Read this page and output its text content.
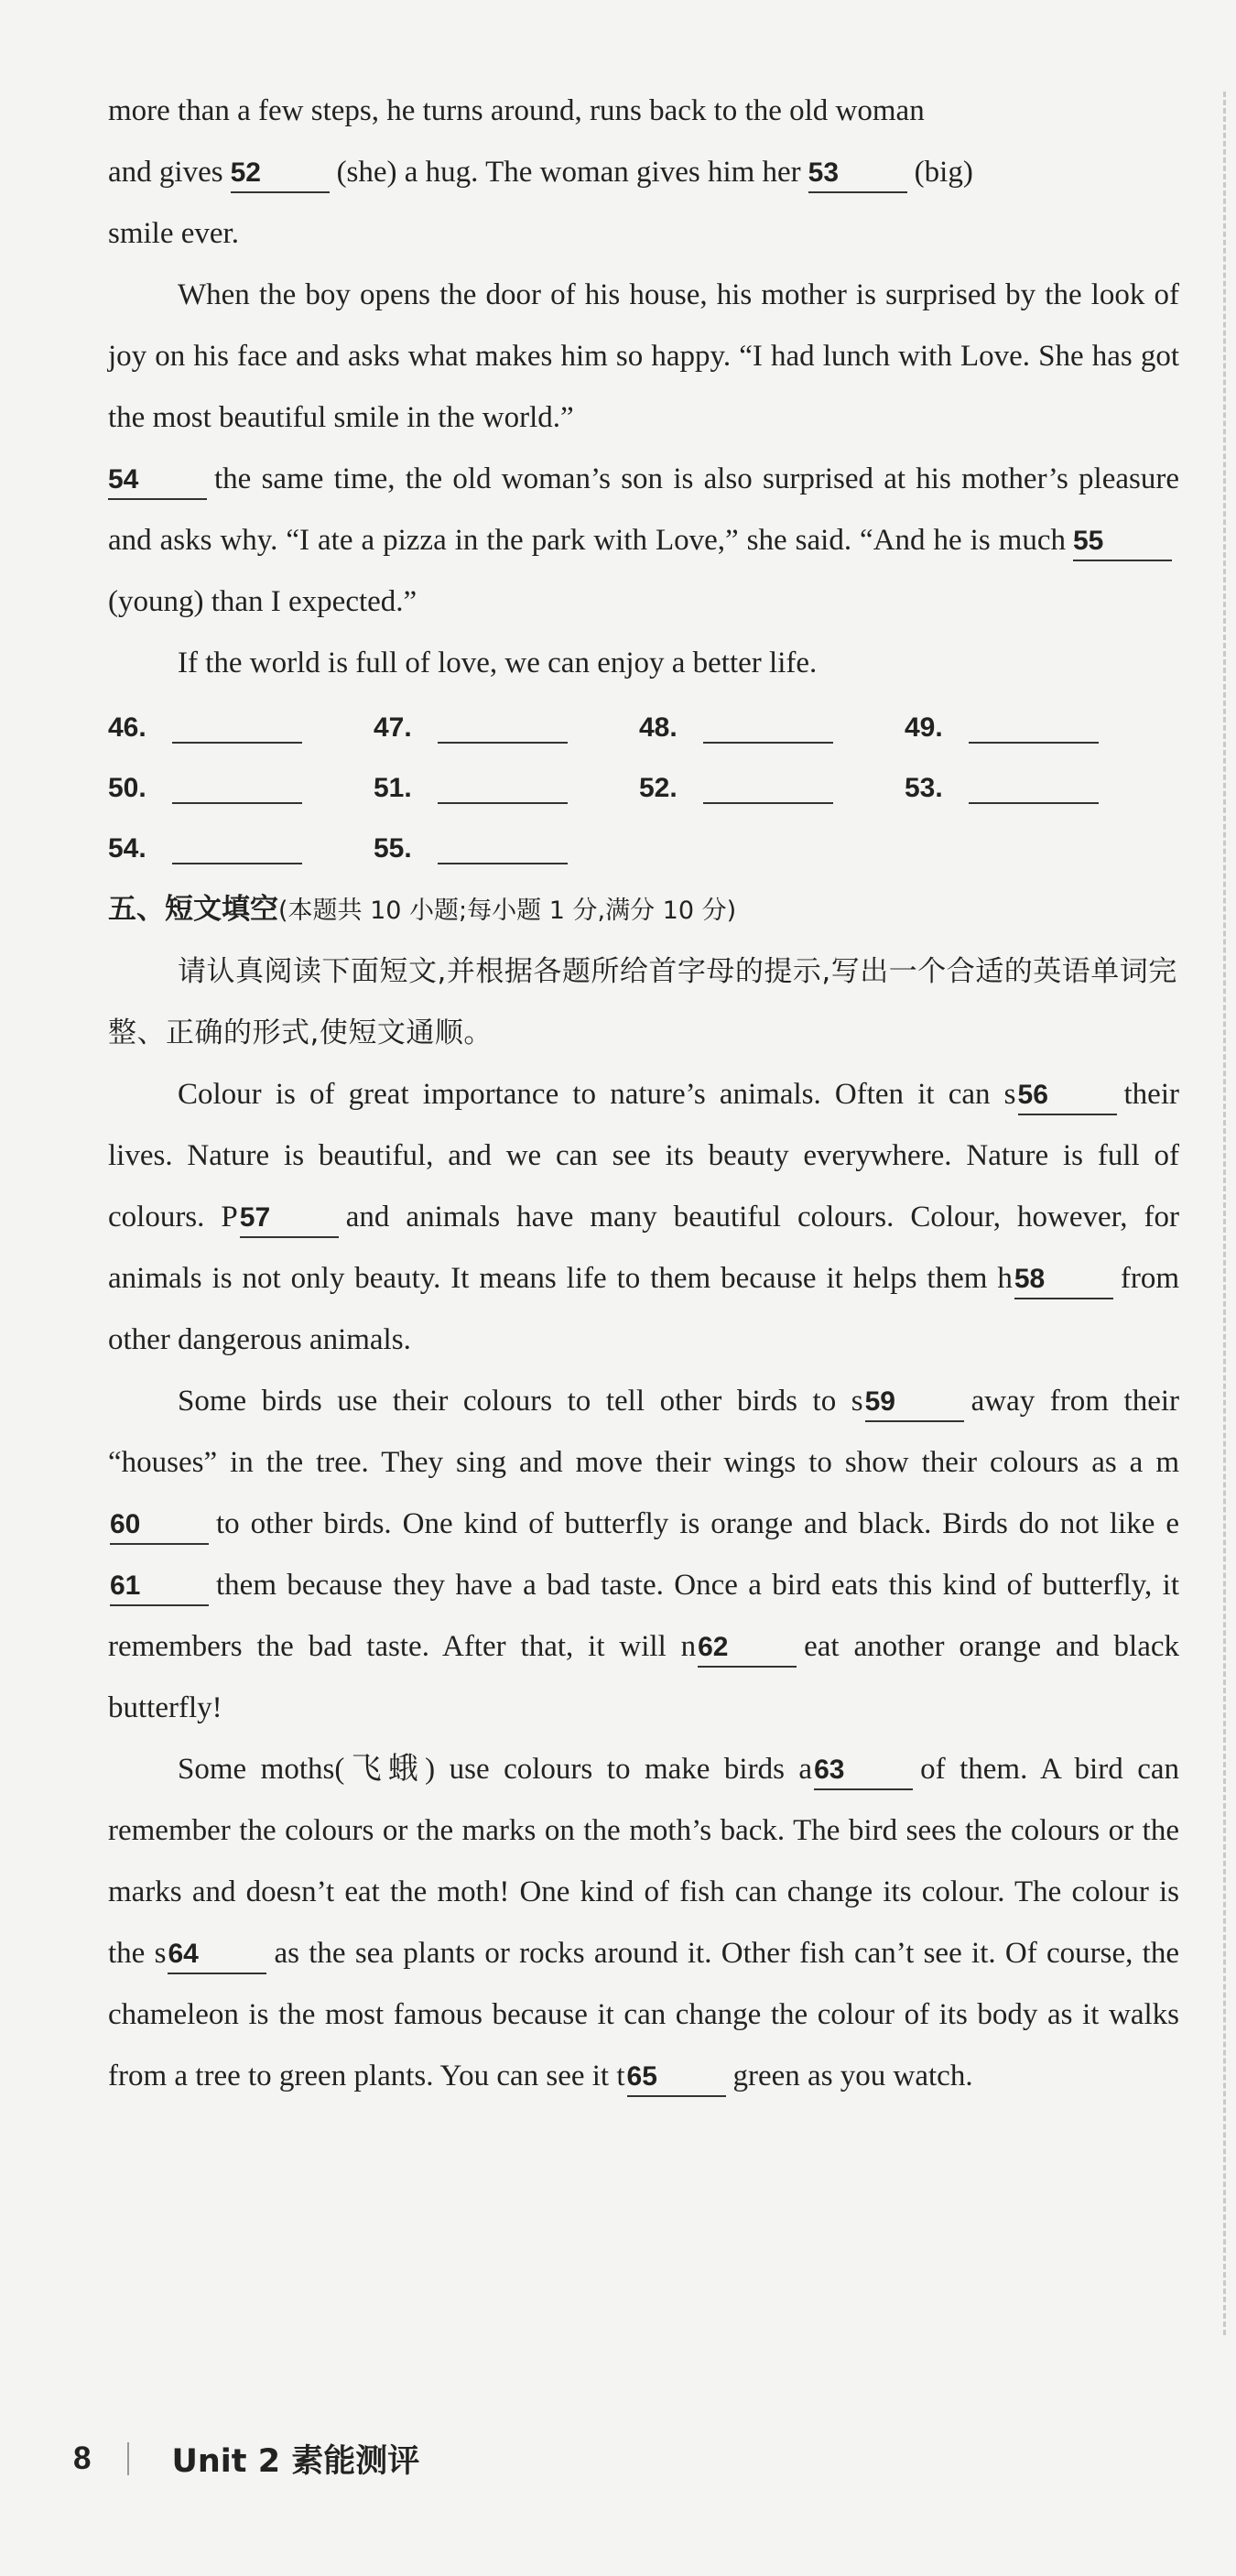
more than a few steps, he turns around, runs back to the old woman

and gives 52	(she) a hug. The woman gives him her 53	(big)

smile ever.

When the boy opens the door of his house, his mother is surprised by the look of joy on his face and asks what makes him so happy. “I had lunch with Love. She has got the most beautiful smile in the world.”

54	the same time, the old woman’s son is also surprised at his mother’s pleasure and asks why. “I ate a pizza in the park with Love,” she said. “And he is much 55(young) than I expected.”

If the world is full of love, we can enjoy a better life.

46.	47.	48.	49.
50.	51.	52.	53.
54.	55.

五、短文填空(本题共 10 小题;每小题 1 分,满分 10 分)

请认真阅读下面短文,并根据各题所给首字母的提示,写出一个合适的英语单词完整、正确的形式,使短文通顺。

Colour is of great importance to nature’s animals. Often it can s56	their lives. Nature is beautiful, and we can see its beauty everywhere. Nature is full of colours. P57	and animals have many beautiful colours. Colour, however, for animals is not only beauty. It means life to them because it helps them h58	from other dangerous animals.

Some birds use their colours to tell other birds to s59	away from their “houses” in the tree. They sing and move their wings to show their colours as a m60	to other birds. One kind of butterfly is orange and black. Birds do not like e61	them because they have a bad taste. Once a bird eats this kind of butterfly, it remembers the bad taste. After that, it will n62	eat another orange and black butterfly!

Some moths(飞蛾) use colours to make birds a63	of them. A bird can remember the colours or the marks on the moth’s back. The bird sees the colours or the marks and doesn’t eat the moth! One kind of fish can change its colour. The colour is the s64	as the sea plants or rocks around it. Other fish can’t see it. Of course, the chameleon is the most famous because it can change the colour of its body as it walks from a tree to green plants. You can see it t65	green as you watch.

8	Unit 2 素能测评
